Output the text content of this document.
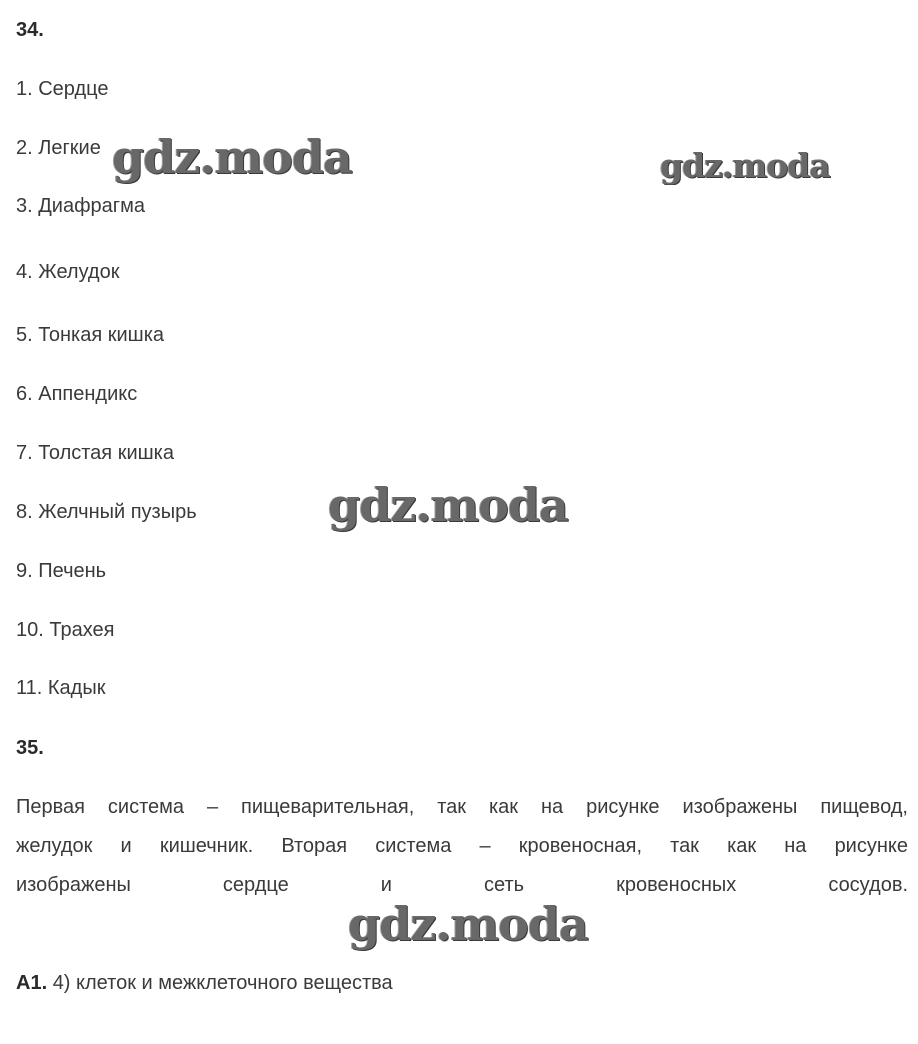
34.
1. Сердце
2. Легкие
3. Диафрагма
4. Желудок
5. Тонкая кишка
6. Аппендикс
7. Толстая кишка
8. Желчный пузырь
9. Печень
10. Трахея
11. Кадык
35.
Первая система – пищеварительная, так как на рисунке изображены пищевод,
желудок и кишечник. Вторая система – кровеносная, так как на рисунке
изображены сердце и сеть кровеносных сосудов.
А1. 4) клеток и межклеточного вещества
gdz.moda	gdz.moda
gdz.moda
gdz.moda
